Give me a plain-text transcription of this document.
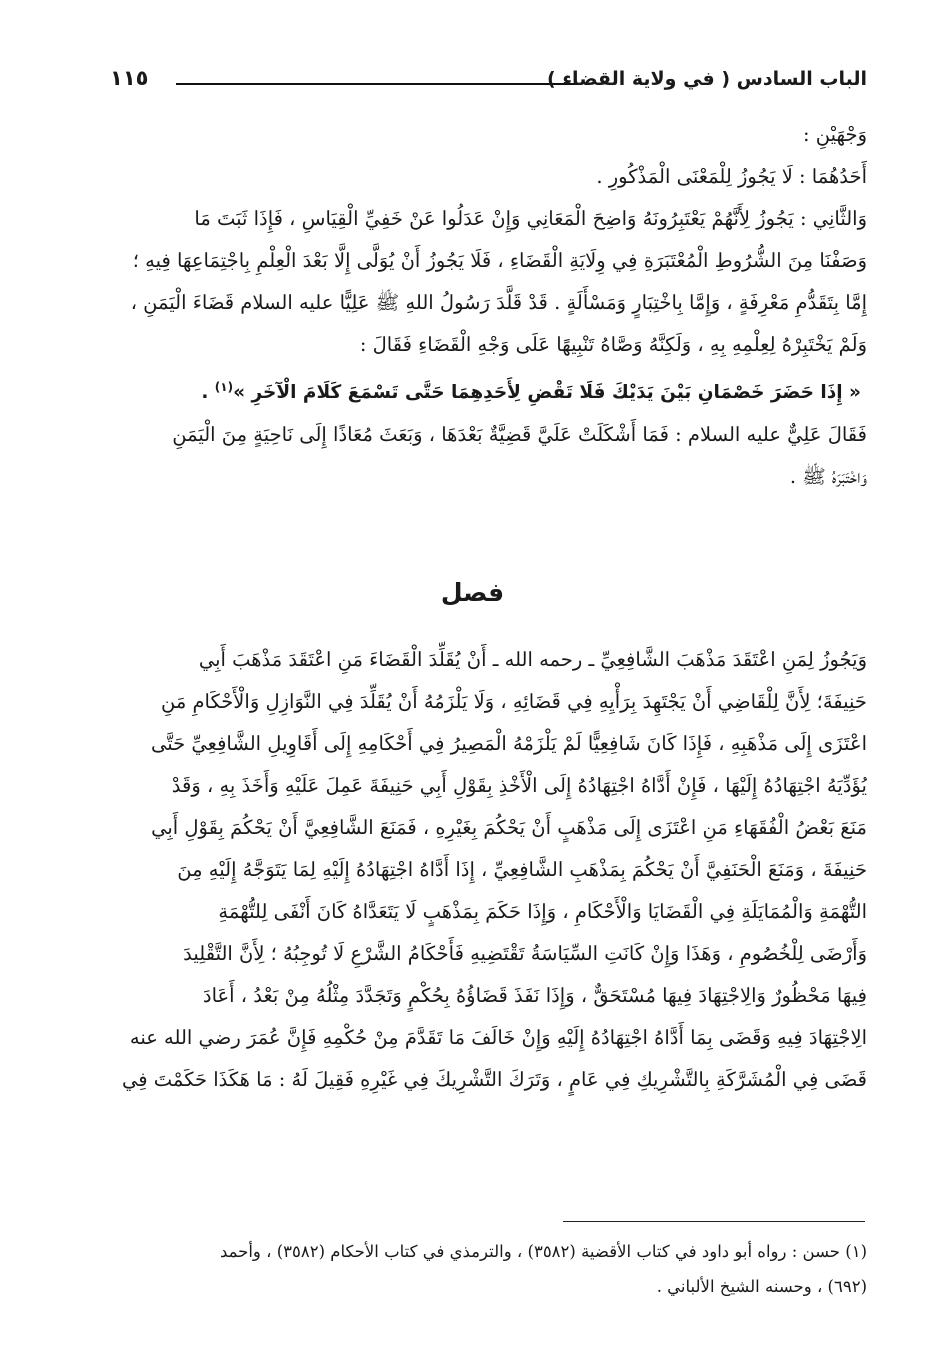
١١٥	الباب السادس ( في ولاية القضاء )
وَجْهَيْنِ :
أَحَدُهُمَا : لَا يَجُوزُ لِلْمَعْنَى الْمَذْكُورِ .
وَالثَّانِي : يَجُوزُ لِأَنَّهُمْ يَعْتَبِرُونَهُ وَاضِحَ الْمَعَانِي وَإِنْ عَدَلُوا عَنْ خَفِيِّ الْقِيَاسِ ، فَإِذَا ثَبَتَ مَا
وَصَفْنَا مِنَ الشُّرُوطِ الْمُعْتَبَرَةِ فِي وِلَايَةِ الْقَضَاءِ ، فَلَا يَجُوزُ أَنْ يُوَلَّى إِلَّا بَعْدَ الْعِلْمِ بِاجْتِمَاعِهَا فِيهِ ؛
إِمَّا بِتَقَدُّمِ مَعْرِفَةٍ ، وَإِمَّا بِاخْتِبَارٍ وَمَسْأَلَةٍ . قَدْ قَلَّدَ رَسُولُ اللهِ ﷺ عَلِيًّا عليه السلام قَضَاءَ الْيَمَنِ ،
وَلَمْ يَخْتَبِرْهُ لِعِلْمِهِ بِهِ ، وَلَكِنَّهُ وَصَّاهُ تَنْبِيهًا عَلَى وَجْهِ الْقَضَاءِ فَقَالَ :
« إِذَا حَضَرَ خَصْمَانِ بَيْنَ يَدَيْكَ فَلَا تَقْضِ لِأَحَدِهِمَا حَتَّى تَسْمَعَ كَلَامَ الْآخَرِ »$^{(١)}$ .
فَقَالَ عَلِيٌّ عليه السلام : فَمَا أَشْكَلَتْ عَلَيَّ قَضِيَّةٌ بَعْدَهَا ، وَبَعَثَ مُعَاذًا إِلَى نَاحِيَةٍ مِنَ الْيَمَنِ
وَاخْتَبَرَهُ ﷺ .
فصل
وَيَجُوزُ لِمَنِ اعْتَقَدَ مَذْهَبَ الشَّافِعِيِّ ـ رحمه الله ـ أَنْ يُقَلِّدَ الْقَضَاءَ مَنِ اعْتَقَدَ مَذْهَبَ أَبِي
حَنِيفَةَ؛ لِأَنَّ لِلْقَاضِي أَنْ يَجْتَهِدَ بِرَأْيِهِ فِي قَضَائِهِ ، وَلَا يَلْزَمُهُ أَنْ يُقَلِّدَ فِي النَّوَازِلِ وَالْأَحْكَامِ مَنِ
اعْتَزَى إِلَى مَذْهَبِهِ ، فَإِذَا كَانَ شَافِعِيًّا لَمْ يَلْزَمْهُ الْمَصِيرُ فِي أَحْكَامِهِ إِلَى أَقَاوِيلِ الشَّافِعِيِّ حَتَّى
يُؤَدِّيَهُ اجْتِهَادُهُ إِلَيْهَا ، فَإِنْ أَدَّاهُ اجْتِهَادُهُ إِلَى الْأَخْذِ بِقَوْلِ أَبِي حَنِيفَةَ عَمِلَ عَلَيْهِ وَأَخَذَ بِهِ ، وَقَدْ
مَنَعَ بَعْضُ الْفُقَهَاءِ مَنِ اعْتَزَى إِلَى مَذْهَبٍ أَنْ يَحْكُمَ بِغَيْرِهِ ، فَمَنَعَ الشَّافِعِيَّ أَنْ يَحْكُمَ بِقَوْلِ أَبِي
حَنِيفَةَ ، وَمَنَعَ الْحَنَفِيَّ أَنْ يَحْكُمَ بِمَذْهَبِ الشَّافِعِيِّ ، إِذَا أَدَّاهُ اجْتِهَادُهُ إِلَيْهِ لِمَا يَتَوَجَّهُ إِلَيْهِ مِنَ
التُّهْمَةِ وَالْمُمَايَلَةِ فِي الْقَضَايَا وَالْأَحْكَامِ ، وَإِذَا حَكَمَ بِمَذْهَبٍ لَا يَتَعَدَّاهُ كَانَ أَنْفَى لِلتُّهْمَةِ
وَأَرْضَى لِلْخُصُومِ ، وَهَذَا وَإِنْ كَانَتِ السِّيَاسَةُ تَقْتَضِيهِ فَأَحْكَامُ الشَّرْعِ لَا تُوجِبُهُ ؛ لِأَنَّ التَّقْلِيدَ
فِيهَا مَحْظُورٌ وَالِاجْتِهَادَ فِيهَا مُسْتَحَقٌّ ، وَإِذَا نَفَذَ قَضَاؤُهُ بِحُكْمٍ وَتَجَدَّدَ مِثْلُهُ مِنْ بَعْدُ ، أَعَادَ
الِاجْتِهَادَ فِيهِ وَقَضَى بِمَا أَدَّاهُ اجْتِهَادُهُ إِلَيْهِ وَإِنْ خَالَفَ مَا تَقَدَّمَ مِنْ حُكْمِهِ فَإِنَّ عُمَرَ رضي الله عنه
قَضَى فِي الْمُشَرَّكَةِ بِالتَّشْرِيكِ فِي عَامٍ ، وَتَرَكَ التَّشْرِيكَ فِي غَيْرِهِ فَقِيلَ لَهُ : مَا هَكَذَا حَكَمْتَ فِي
(١) حسن : رواه أبو داود في كتاب الأقضية (٣٥٨٢) ، والترمذي في كتاب الأحكام (٣٥٨٢) ، وأحمد
(٦٩٢) ، وحسنه الشيخ الألباني .
